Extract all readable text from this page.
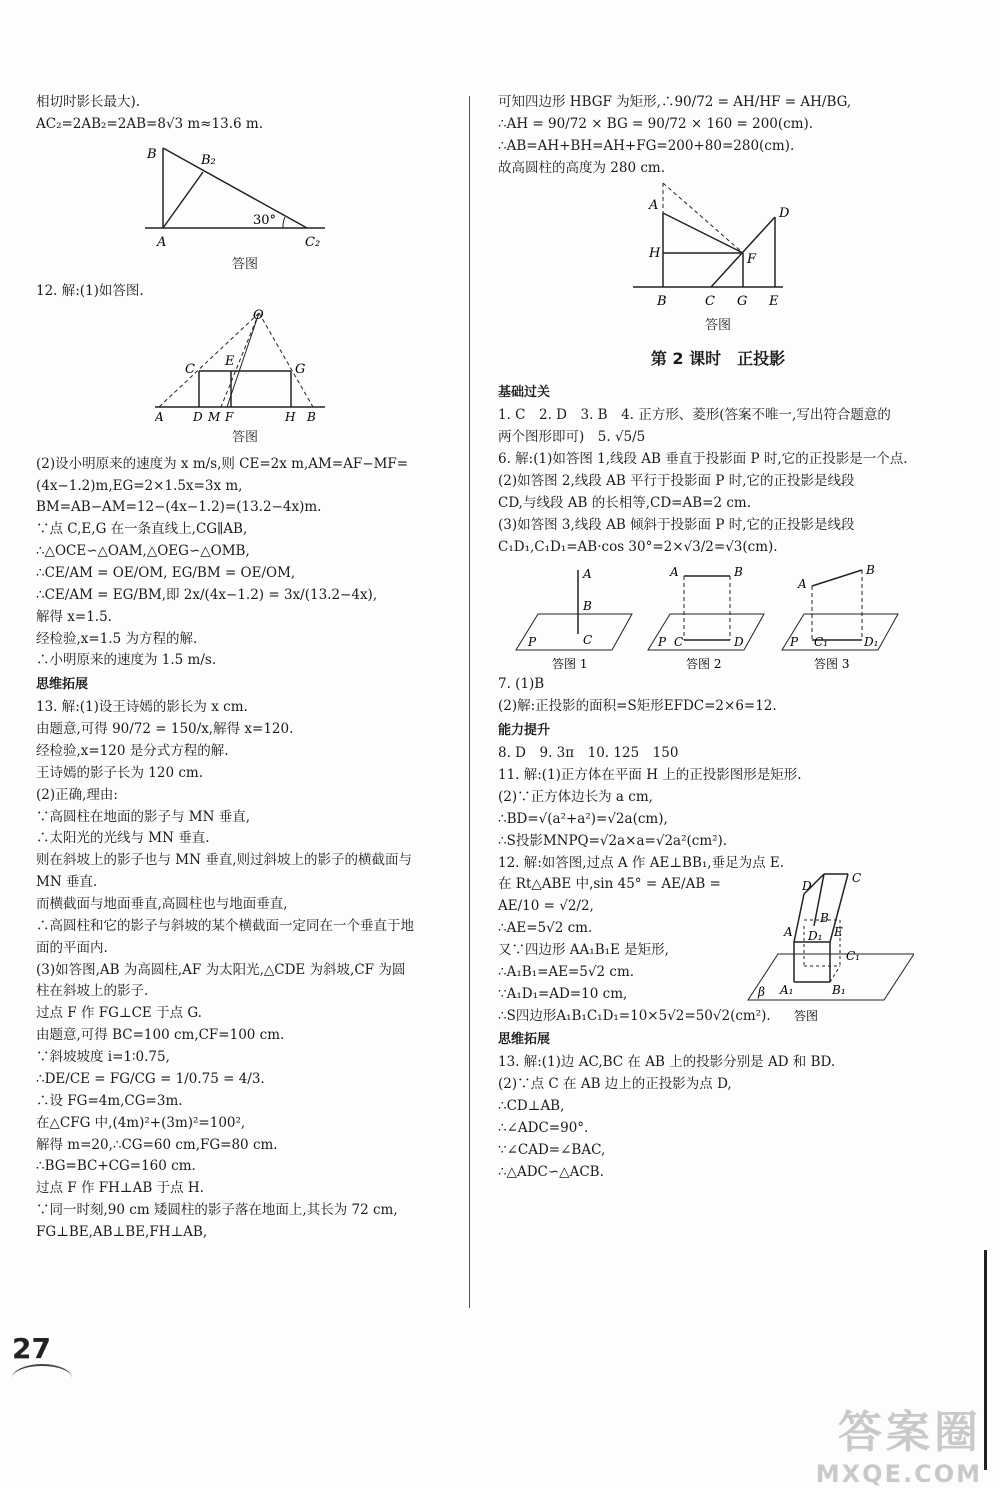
相切时影长最大).

AC₂=2AB₂=2AB=8√3 m≈13.6 m.

B	B₂
A	C₂
30°

答图

12. 解:(1)如答图.

O
C
E
G
A D M F	H B

答图

(2)设小明原来的速度为 x m/s,则 CE=2x m,AM=AF−MF=

(4x−1.2)m,EG=2×1.5x=3x m,

BM=AB−AM=12−(4x−1.2)=(13.2−4x)m.

∵点 C,E,G 在一条直线上,CG∥AB,

∴△OCE∽△OAM,△OEG∽△OMB,

∴CE/AM = OE/OM, EG/BM = OE/OM,

∴CE/AM = EG/BM,即 2x/(4x−1.2) = 3x/(13.2−4x),

解得 x=1.5.

经检验,x=1.5 为方程的解.

∴小明原来的速度为 1.5 m/s.

思维拓展

13. 解:(1)设王诗嫣的影长为 x cm.

由题意,可得 90/72 = 150/x,解得 x=120.

经检验,x=120 是分式方程的解.

王诗嫣的影子长为 120 cm.

(2)正确,理由:

∵高圆柱在地面的影子与 MN 垂直,

∴太阳光的光线与 MN 垂直.

则在斜坡上的影子也与 MN 垂直,则过斜坡上的影子的横截面与

MN 垂直.

而横截面与地面垂直,高圆柱也与地面垂直,

∴高圆柱和它的影子与斜坡的某个横截面一定同在一个垂直于地

面的平面内.

(3)如答图,AB 为高圆柱,AF 为太阳光,△CDE 为斜坡,CF 为圆

柱在斜坡上的影子.

过点 F 作 FG⊥CE 于点 G.

由题意,可得 BC=100 cm,CF=100 cm.

∵斜坡坡度 i=1∶0.75,

∴DE/CE = FG/CG = 1/0.75 = 4/3.

∴设 FG=4m,CG=3m.

在△CFG 中,(4m)²+(3m)²=100²,

解得 m=20,∴CG=60 cm,FG=80 cm.

∴BG=BC+CG=160 cm.

过点 F 作 FH⊥AB 于点 H.

∵同一时刻,90 cm 矮圆柱的影子落在地面上,其长为 72 cm,

FG⊥BE,AB⊥BE,FH⊥AB,

可知四边形 HBGF 为矩形,∴90/72 = AH/HF = AH/BG,

∴AH = 90/72 × BG = 90/72 × 160 = 200(cm).

∴AB=AH+BH=AH+FG=200+80=280(cm).

故高圆柱的高度为 280 cm.

A
D
H	F
B	C G E

答图

第 2 课时　正投影

基础过关

1. C　2. D　3. B　4. 正方形、菱形(答案不唯一,写出符合题意的

两个图形即可)　5. √5/5

6. 解:(1)如答图 1,线段 AB 垂直于投影面 P 时,它的正投影是一个点.

(2)如答图 2,线段 AB 平行于投影面 P 时,它的正投影是线段

CD,与线段 AB 的长相等,CD=AB=2 cm.

(3)如答图 3,线段 AB 倾斜于投影面 P 时,它的正投影是线段

C₁D₁,C₁D₁=AB·cos 30°=2×√3/2=√3(cm).

A
B
C
P
答图 1
A	B
P C	D
答图 2
A
B
P C₁	D₁
答图 3

7. (1)B

(2)解:正投影的面积=S矩形EFDC=2×6=12.

能力提升

8. D　9. 3π　10. 125　150

11. 解:(1)正方体在平面 H 上的正投影图形是矩形.

(2)∵正方体边长为 a cm,

∴BD=√(a²+a²)=√2a(cm),

∴S投影MNPQ=√2a×a=√2a²(cm²).

12. 解:如答图,过点 A 作 AE⊥BB₁,垂足为点 E.

在 Rt△ABE 中,sin 45° = AE/AB =

AE/10 = √2/2,

∴AE=5√2 cm.

又∵四边形 AA₁B₁E 是矩形,

∴A₁B₁=AE=5√2 cm.

∵A₁D₁=AD=10 cm,

C
D
B
A D₁ E
C₁
β A₁	B₁
答图

∴S四边形A₁B₁C₁D₁=10×5√2=50√2(cm²).

思维拓展

13. 解:(1)边 AC,BC 在 AB 上的投影分别是 AD 和 BD.

(2)∵点 C 在 AB 边上的正投影为点 D,

∴CD⊥AB,

∴∠ADC=90°.

∵∠CAD=∠BAC,

∴△ADC∽△ACB.

27
答案圈
MXQE.COM
